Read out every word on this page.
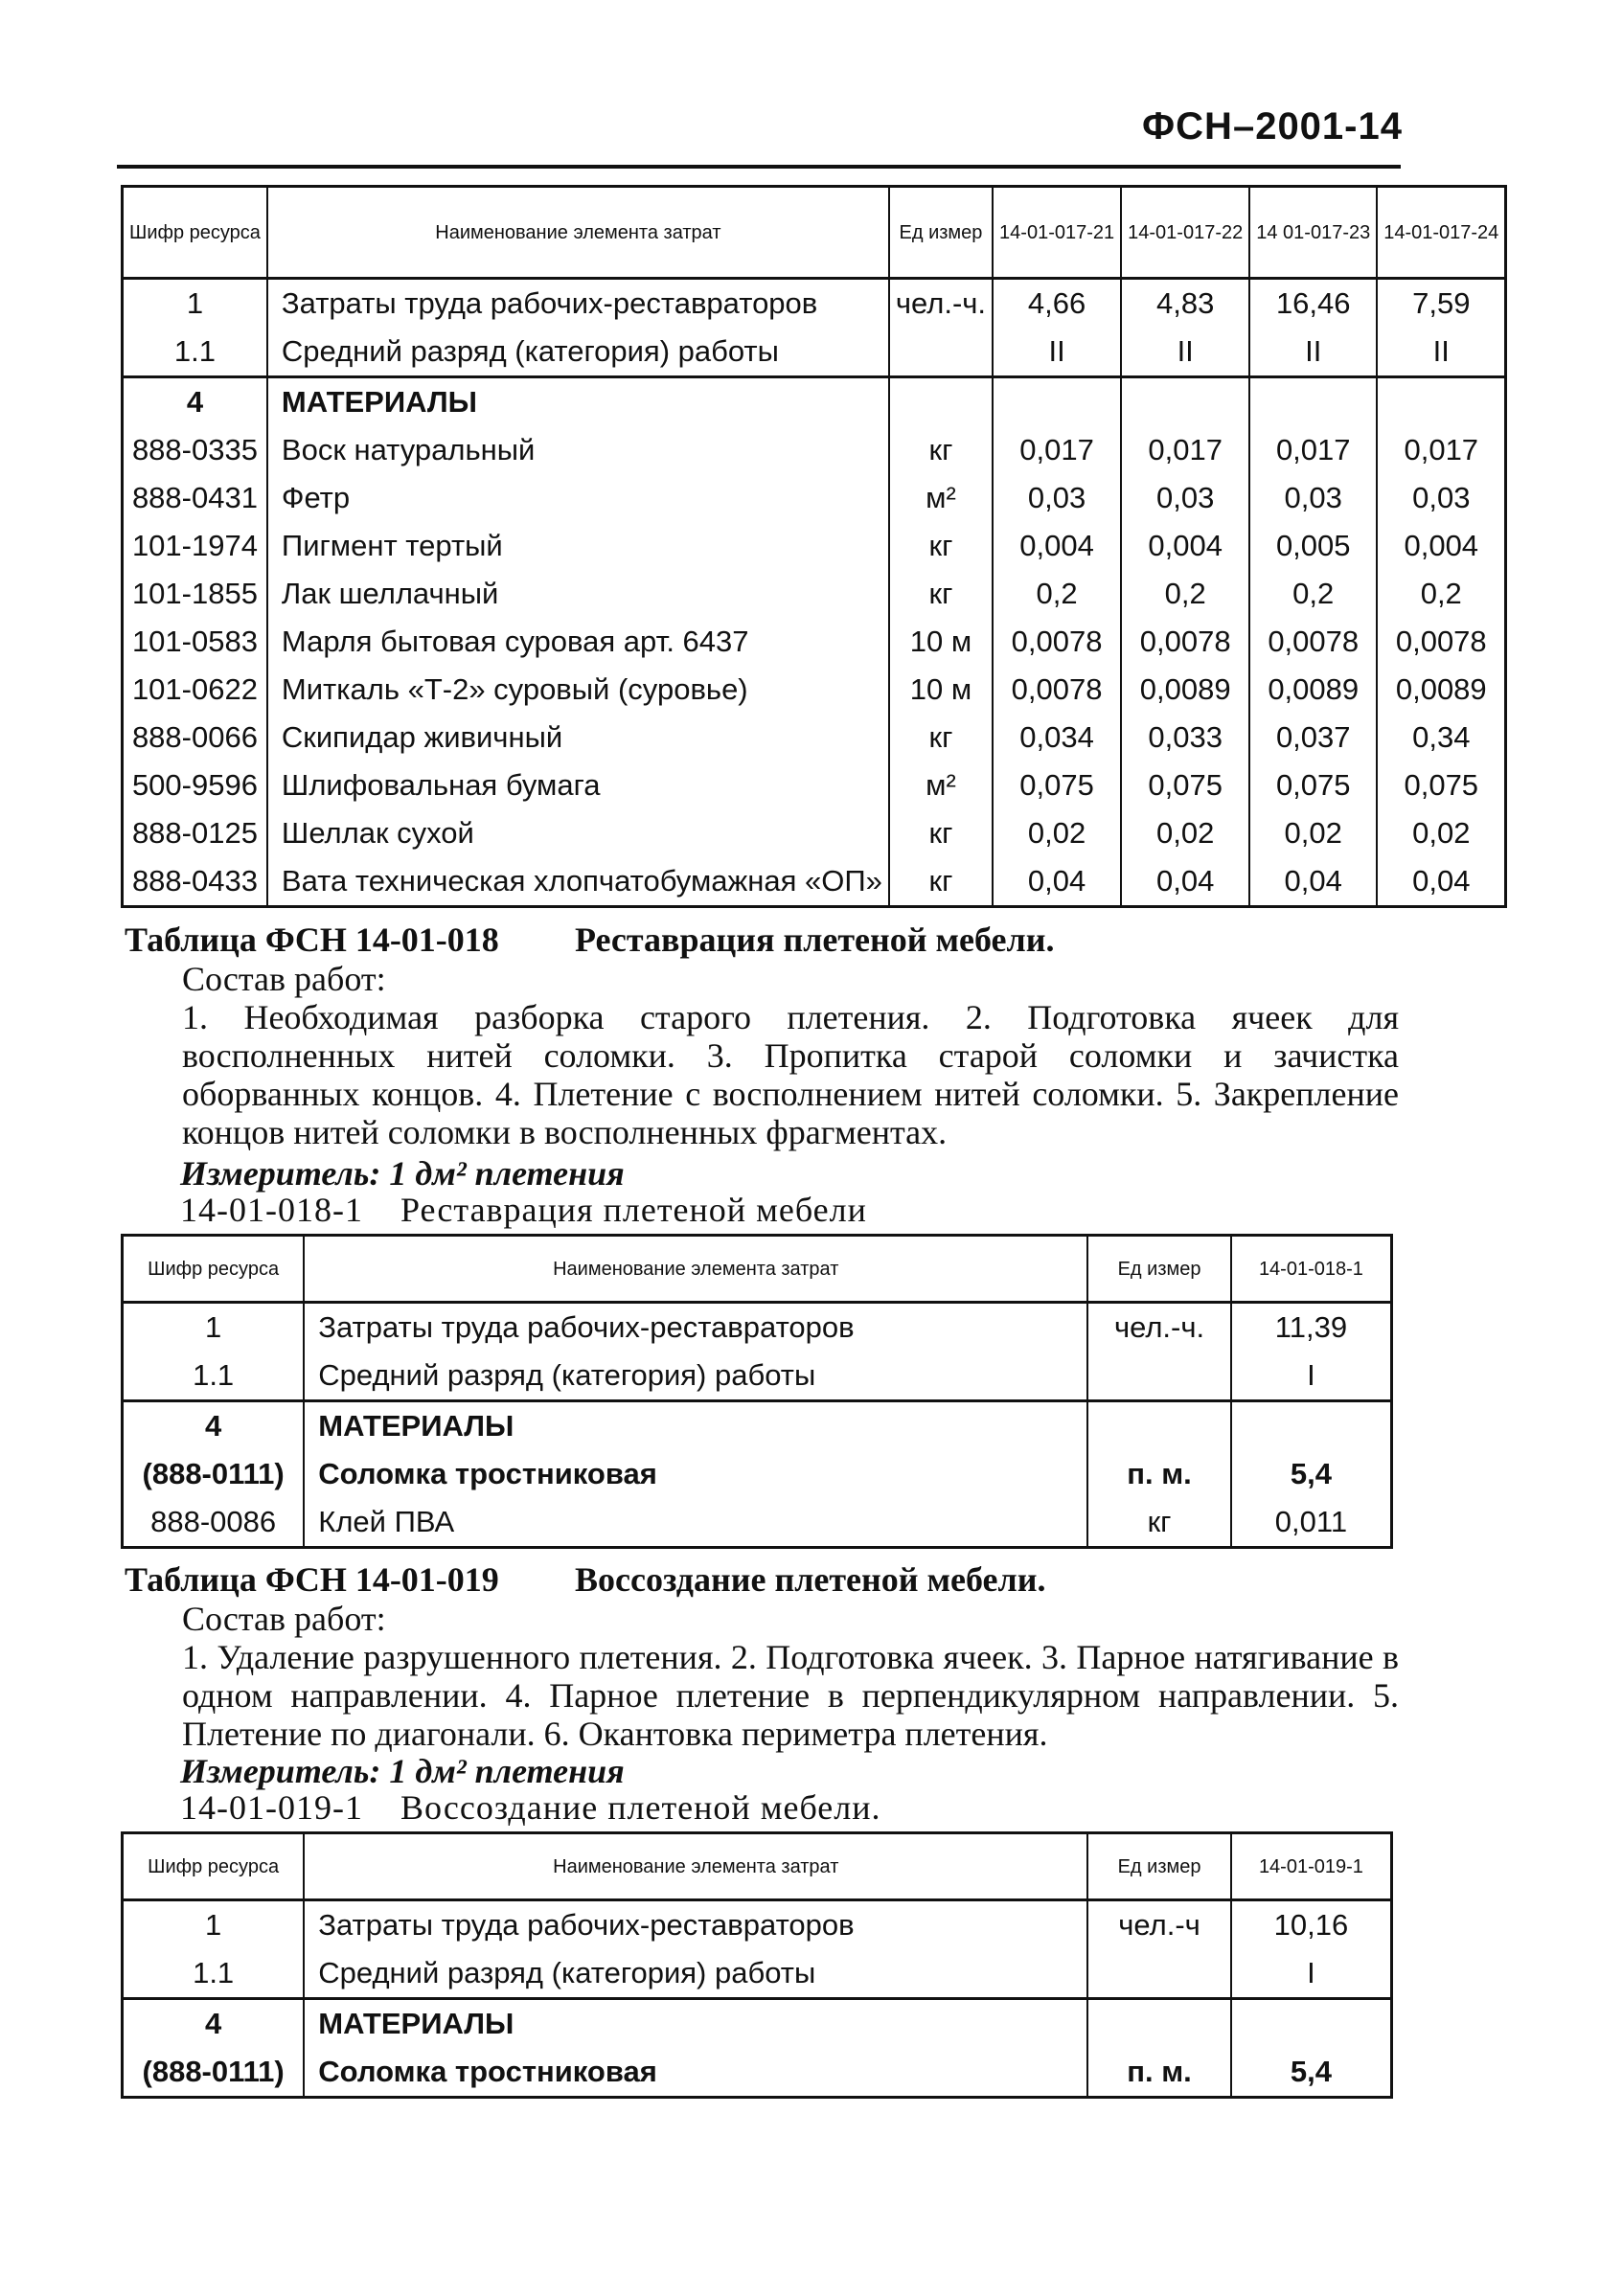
ФСН–2001-14
Шифр ресурса	Наименование элемента затрат	Ед измер	14-01-017-21	14-01-017-22	14 01-017-23	14-01-017-24
1	Затраты труда рабочих-реставраторов	чел.-ч.	4,66	4,83	16,46	7,59
1.1	Средний разряд (категория) работы		II	II	II	II
4	МАТЕРИАЛЫ					
888-0335	Воск натуральный	кг	0,017	0,017	0,017	0,017
888-0431	Фетр	м²	0,03	0,03	0,03	0,03
101-1974	Пигмент тертый	кг	0,004	0,004	0,005	0,004
101-1855	Лак шеллачный	кг	0,2	0,2	0,2	0,2
101-0583	Марля бытовая суровая арт. 6437	10 м	0,0078	0,0078	0,0078	0,0078
101-0622	Миткаль «Т-2» суровый (суровье)	10 м	0,0078	0,0089	0,0089	0,0089
888-0066	Скипидар живичный	кг	0,034	0,033	0,037	0,34
500-9596	Шлифовальная бумага	м²	0,075	0,075	0,075	0,075
888-0125	Шеллак сухой	кг	0,02	0,02	0,02	0,02
888-0433	Вата техническая хлопчатобумажная «ОП»	кг	0,04	0,04	0,04	0,04
Таблица ФСН 14-01-018 Реставрация плетеной мебели.
Состав работ:
1. Необходимая разборка старого плетения. 2. Подготовка ячеек для восполненных нитей соломки. 3. Пропитка старой соломки и зачистка оборванных концов. 4. Плетение с восполнением нитей соломки. 5. Закрепление концов нитей соломки в восполненных фрагментах.
Измеритель: 1 дм² плетения
14-01-018-1 Реставрация плетеной мебели
Шифр ресурса	Наименование элемента затрат	Ед измер	14-01-018-1
1	Затраты труда рабочих-реставраторов	чел.-ч.	11,39
1.1	Средний разряд (категория) работы		I
4	МАТЕРИАЛЫ		
(888-0111)	Соломка тростниковая	п. м.	5,4
888-0086	Клей ПВА	кг	0,011
Таблица ФСН 14-01-019 Воссоздание плетеной мебели.
Состав работ:
1. Удаление разрушенного плетения. 2. Подготовка ячеек. 3. Парное натягивание в одном направлении. 4. Парное плетение в перпендикулярном направлении. 5. Плетение по диагонали. 6. Окантовка периметра плетения.
Измеритель: 1 дм² плетения
14-01-019-1 Воссоздание плетеной мебели.
Шифр ресурса	Наименование элемента затрат	Ед измер	14-01-019-1
1	Затраты труда рабочих-реставраторов	чел.-ч	10,16
1.1	Средний разряд (категория) работы		I
4	МАТЕРИАЛЫ		
(888-0111)	Соломка тростниковая	п. м.	5,4
